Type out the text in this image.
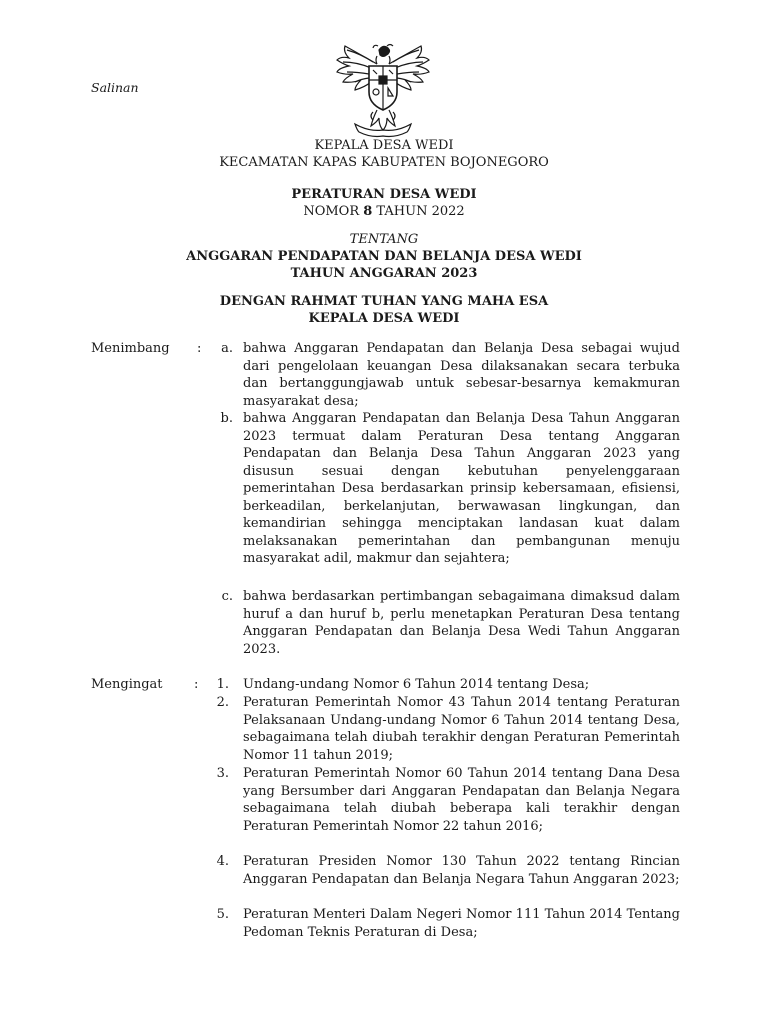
Salinan
KEPALA DESA WEDI
KECAMATAN KAPAS KABUPATEN BOJONEGORO
PERATURAN DESA WEDI
NOMOR 8 TAHUN 2022
TENTANG
ANGGARAN PENDAPATAN DAN BELANJA DESA WEDI
TAHUN ANGGARAN 2023
DENGAN RAHMAT TUHAN YANG MAHA ESA
KEPALA DESA WEDI
Menimbang :	a. bahwa Anggaran Pendapatan dan Belanja Desa sebagai wujud dari pengelolaan keuangan Desa dilaksanakan secara terbuka dan bertanggungjawab untuk sebesar-besarnya kemakmuran masyarakat desa;
b. bahwa Anggaran Pendapatan dan Belanja Desa Tahun Anggaran 2023 termuat dalam Peraturan Desa tentang Anggaran Pendapatan dan Belanja Desa Tahun Anggaran 2023 yang disusun sesuai dengan kebutuhan penyelenggaraan pemerintahan Desa berdasarkan prinsip kebersamaan, efisiensi, berkeadilan, berkelanjutan, berwawasan lingkungan, dan kemandirian sehingga menciptakan landasan kuat dalam melaksanakan pemerintahan dan pembangunan menuju masyarakat adil, makmur dan sejahtera;
c. bahwa berdasarkan pertimbangan sebagaimana dimaksud dalam huruf a dan huruf b, perlu menetapkan Peraturan Desa tentang Anggaran Pendapatan dan Belanja Desa Wedi Tahun Anggaran 2023.
Mengingat :	1. Undang-undang Nomor 6 Tahun 2014 tentang Desa;
2. Peraturan Pemerintah Nomor 43 Tahun 2014 tentang Peraturan Pelaksanaan Undang-undang Nomor 6 Tahun 2014 tentang Desa, sebagaimana telah diubah terakhir dengan Peraturan Pemerintah Nomor 11 tahun 2019;
3. Peraturan Pemerintah Nomor 60 Tahun 2014 tentang Dana Desa yang Bersumber dari Anggaran Pendapatan dan Belanja Negara sebagaimana telah diubah beberapa kali terakhir dengan Peraturan Pemerintah Nomor 22 tahun 2016;
4. Peraturan Presiden Nomor 130 Tahun 2022 tentang Rincian Anggaran Pendapatan dan Belanja Negara Tahun Anggaran 2023;
5. Peraturan Menteri Dalam Negeri Nomor 111 Tahun 2014 Tentang Pedoman Teknis Peraturan di Desa;
